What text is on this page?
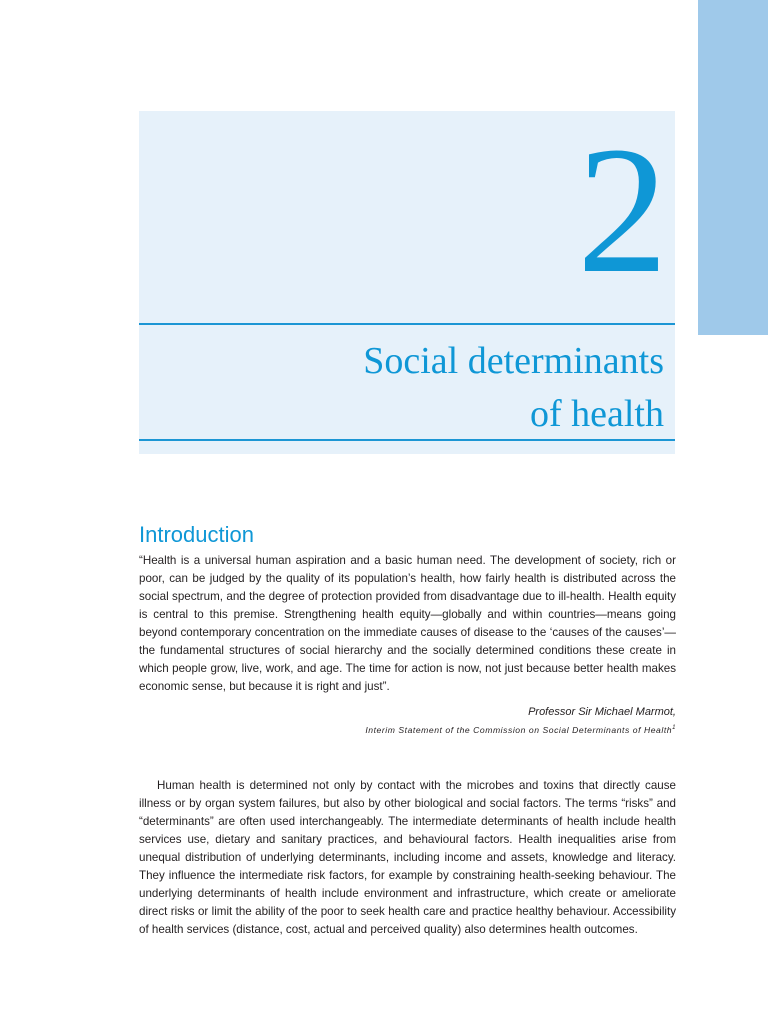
2
Social determinants
of health
Introduction

“Health is a universal human aspiration and a basic human need. The development of society, rich or poor, can be judged by the quality of its population’s health, how fairly health is distributed across the social spectrum, and the degree of protection provided from disadvantage due to ill-health. Health equity is central to this premise. Strengthening health equity—globally and within countries—means going beyond contemporary concentration on the immediate causes of disease to the ‘causes of the causes’—the fundamental structures of social hierarchy and the socially determined conditions these create in which people grow, live, work, and age. The time for action is now, not just because better health makes economic sense, but because it is right and just”.

Professor Sir Michael Marmot,

Interim Statement of the Commission on Social Determinants of Health$^1$

Human health is determined not only by contact with the microbes and toxins that directly cause illness or by organ system failures, but also by other biological and social factors. The terms “risks” and “determinants” are often used interchangeably. The intermediate determinants of health include health services use, dietary and sanitary practices, and behavioural factors. Health inequalities arise from unequal distribution of underlying determinants, including income and assets, knowledge and literacy. They influence the intermediate risk factors, for example by constraining health-seeking behaviour. The underlying determinants of health include environment and infrastructure, which create or ameliorate direct risks or limit the ability of the poor to seek health care and practice healthy behaviour. Accessibility of health services (distance, cost, actual and perceived quality) also determines health outcomes.
